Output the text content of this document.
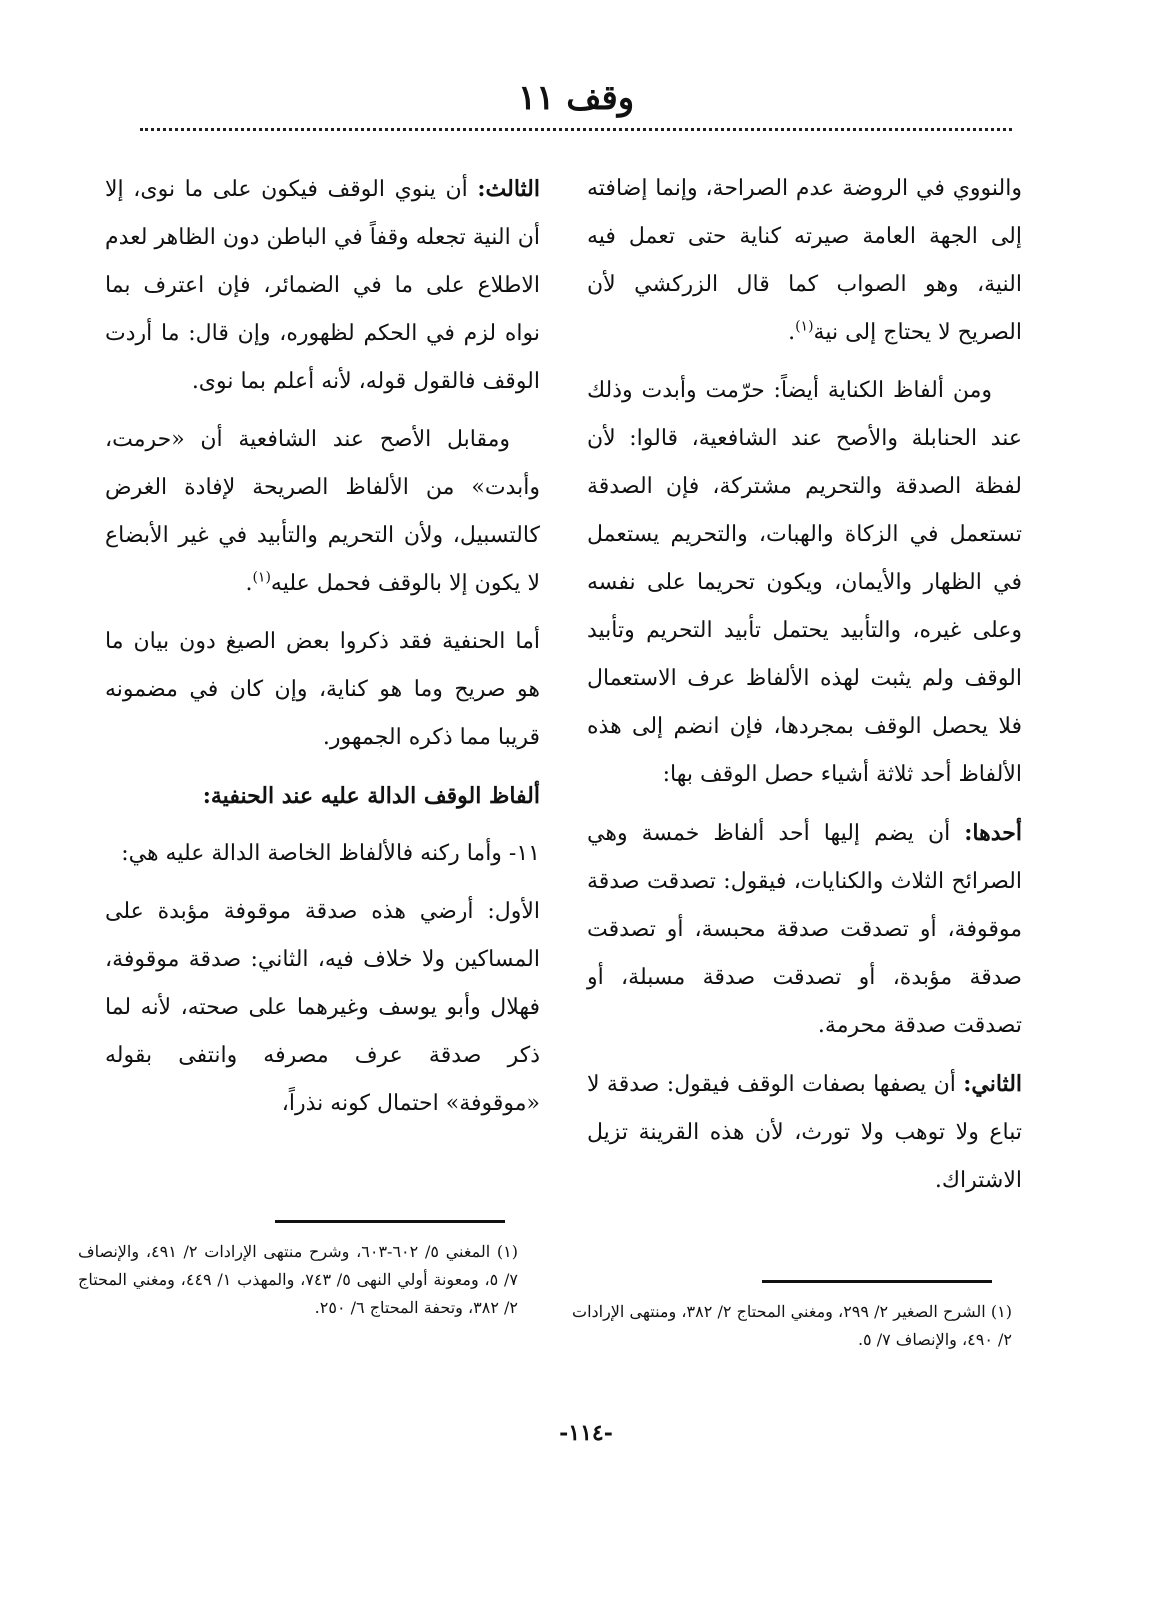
وقف ١١

والنووي في الروضة عدم الصراحة، وإنما إضافته إلى الجهة العامة صيرته كناية حتى تعمل فيه النية، وهو الصواب كما قال الزركشي لأن الصريح لا يحتاج إلى نية$^{(١)}$.

ومن ألفاظ الكناية أيضاً: حرّمت وأبدت وذلك عند الحنابلة والأصح عند الشافعية، قالوا: لأن لفظة الصدقة والتحريم مشتركة، فإن الصدقة تستعمل في الزكاة والهبات، والتحريم يستعمل في الظهار والأيمان، ويكون تحريما على نفسه وعلى غيره، والتأبيد يحتمل تأبيد التحريم وتأبيد الوقف ولم يثبت لهذه الألفاظ عرف الاستعمال فلا يحصل الوقف بمجردها، فإن انضم إلى هذه الألفاظ أحد ثلاثة أشياء حصل الوقف بها:

أحدها: أن يضم إليها أحد ألفاظ خمسة وهي الصرائح الثلاث والكنايات، فيقول: تصدقت صدقة موقوفة، أو تصدقت صدقة محبسة، أو تصدقت صدقة مؤبدة، أو تصدقت صدقة مسبلة، أو تصدقت صدقة محرمة.

الثاني: أن يصفها بصفات الوقف فيقول: صدقة لا تباع ولا توهب ولا تورث، لأن هذه القرينة تزيل الاشتراك.

(١) الشرح الصغير ٢/ ٢٩٩، ومغني المحتاج ٢/ ٣٨٢، ومنتهى الإرادات ٢/ ٤٩٠، والإنصاف ٧/ ٥.

الثالث: أن ينوي الوقف فيكون على ما نوى، إلا أن النية تجعله وقفاً في الباطن دون الظاهر لعدم الاطلاع على ما في الضمائر، فإن اعترف بما نواه لزم في الحكم لظهوره، وإن قال: ما أردت الوقف فالقول قوله، لأنه أعلم بما نوى.

ومقابل الأصح عند الشافعية أن «حرمت، وأبدت» من الألفاظ الصريحة لإفادة الغرض كالتسبيل، ولأن التحريم والتأبيد في غير الأبضاع لا يكون إلا بالوقف فحمل عليه$^{(١)}$.

أما الحنفية فقد ذكروا بعض الصيغ دون بيان ما هو صريح وما هو كناية، وإن كان في مضمونه قريبا مما ذكره الجمهور.

ألفاظ الوقف الدالة عليه عند الحنفية:

١١- وأما ركنه فالألفاظ الخاصة الدالة عليه هي:

الأول: أرضي هذه صدقة موقوفة مؤبدة على المساكين ولا خلاف فيه، الثاني: صدقة موقوفة، فهلال وأبو يوسف وغيرهما على صحته، لأنه لما ذكر صدقة عرف مصرفه وانتفى بقوله «موقوفة» احتمال كونه نذراً،

(١) المغني ٥/ ٦٠٢-٦٠٣، وشرح منتهى الإرادات ٢/ ٤٩١، والإنصاف ٧/ ٥، ومعونة أولي النهى ٥/ ٧٤٣، والمهذب ١/ ٤٤٩، ومغني المحتاج ٢/ ٣٨٢، وتحفة المحتاج ٦/ ٢٥٠.
-١١٤-
